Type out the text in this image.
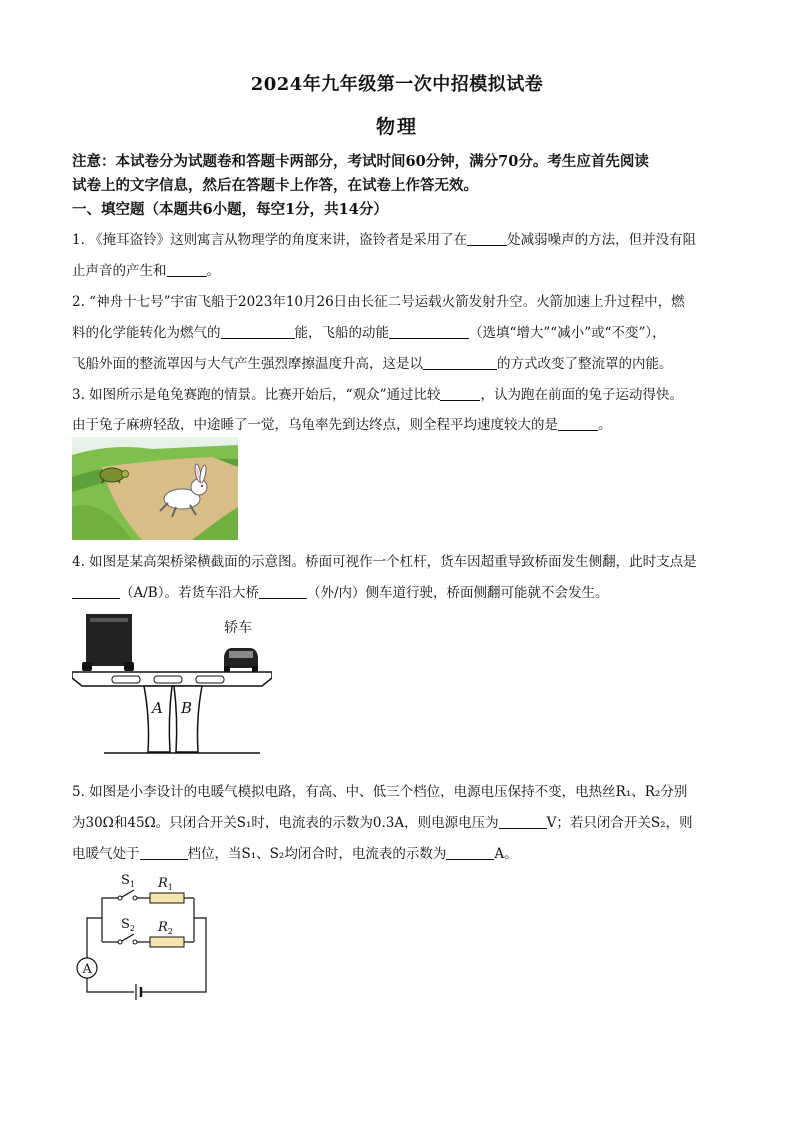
2024年九年级第一次中招模拟试卷
物理
注意：本试卷分为试题卷和答题卡两部分，考试时间60分钟，满分70分。考生应首先阅读
试卷上的文字信息，然后在答题卡上作答，在试卷上作答无效。
一、填空题（本题共6小题，每空1分，共14分）
1. 《掩耳盗铃》这则寓言从物理学的角度来讲，盗铃者是采用了在	处减弱噪声的方法，但并没有阻
止声音的产生和	。
2. “神舟十七号”宇宙飞船于2023年10月26日由长征二号运载火箭发射升空。火箭加速上升过程中，燃
料的化学能转化为燃气的	能，飞船的动能	（选填“增大”“减小”或“不变”），
飞船外面的整流罩因与大气产生强烈摩擦温度升高，这是以	的方式改变了整流罩的内能。
3. 如图所示是龟兔赛跑的情景。比赛开始后，“观众”通过比较	，认为跑在前面的兔子运动得快。
由于兔子麻痹轻敌，中途睡了一觉，乌龟率先到达终点，则全程平均速度较大的是	。
4. 如图是某高架桥梁横截面的示意图。桥面可视作一个杠杆，货车因超重导致桥面发生侧翻，此时支点是
（A/B）。若货车沿大桥	（外/内）侧车道行驶，桥面侧翻可能就不会发生。
轿车
A B
5. 如图是小李设计的电暖气模拟电路，有高、中、低三个档位，电源电压保持不变，电热丝R₁、R₂分别
为30Ω和45Ω。只闭合开关S₁时，电流表的示数为0.3A，则电源电压为	V；若只闭合开关S₂，则
电暖气处于	档位，当S₁、S₂均闭合时，电流表的示数为	A。
A
$S_1$
$S_2$
$R_1$
$R_2$
